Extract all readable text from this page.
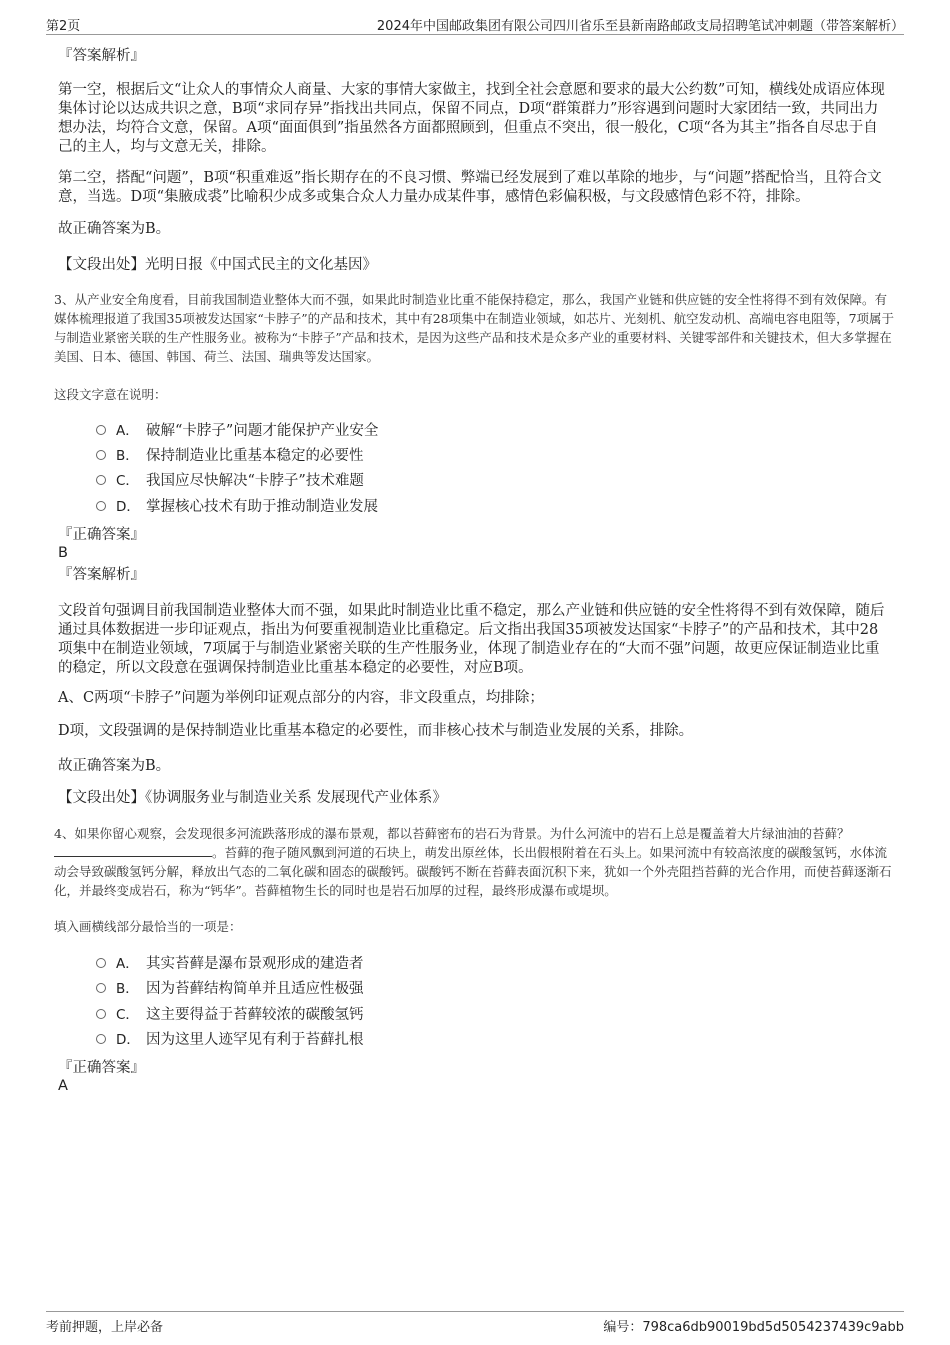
第2页	2024年中国邮政集团有限公司四川省乐至县新南路邮政支局招聘笔试冲刺题（带答案解析）
『答案解析』
第一空，根据后文“让众人的事情众人商量、大家的事情大家做主，找到全社会意愿和要求的最大公约数”可知，横线处成语应体现集体讨论以达成共识之意，B项“求同存异”指找出共同点，保留不同点，D项“群策群力”形容遇到问题时大家团结一致，共同出力想办法，均符合文意，保留。A项“面面俱到”指虽然各方面都照顾到，但重点不突出，很一般化，C项“各为其主”指各自尽忠于自己的主人，均与文意无关，排除。
第二空，搭配“问题”，B项“积重难返”指长期存在的不良习惯、弊端已经发展到了难以革除的地步，与“问题”搭配恰当，且符合文意，当选。D项“集腋成裘”比喻积少成多或集合众人力量办成某件事，感情色彩偏积极，与文段感情色彩不符，排除。
故正确答案为B。
【文段出处】光明日报《中国式民主的文化基因》
3、从产业安全角度看，目前我国制造业整体大而不强，如果此时制造业比重不能保持稳定，那么，我国产业链和供应链的安全性将得不到有效保障。有媒体梳理报道了我国35项被发达国家“卡脖子”的产品和技术，其中有28项集中在制造业领域，如芯片、光刻机、航空发动机、高端电容电阻等，7项属于与制造业紧密关联的生产性服务业。被称为“卡脖子”产品和技术，是因为这些产品和技术是众多产业的重要材料、关键零部件和关键技术，但大多掌握在美国、日本、德国、韩国、荷兰、法国、瑞典等发达国家。
这段文字意在说明：
A． 破解“卡脖子”问题才能保护产业安全
B． 保持制造业比重基本稳定的必要性
C． 我国应尽快解决“卡脖子”技术难题
D． 掌握核心技术有助于推动制造业发展
『正确答案』
B
『答案解析』
文段首句强调目前我国制造业整体大而不强，如果此时制造业比重不稳定，那么产业链和供应链的安全性将得不到有效保障，随后通过具体数据进一步印证观点，指出为何要重视制造业比重稳定。后文指出我国35项被发达国家“卡脖子”的产品和技术，其中28项集中在制造业领域，7项属于与制造业紧密关联的生产性服务业，体现了制造业存在的“大而不强”问题，故更应保证制造业比重的稳定，所以文段意在强调保持制造业比重基本稳定的必要性，对应B项。
A、C两项“卡脖子”问题为举例印证观点部分的内容，非文段重点，均排除；
D项，文段强调的是保持制造业比重基本稳定的必要性，而非核心技术与制造业发展的关系，排除。
故正确答案为B。
【文段出处】《协调服务业与制造业关系 发展现代产业体系》
4、如果你留心观察，会发现很多河流跌落形成的瀑布景观，都以苔藓密布的岩石为背景。为什么河流中的岩石上总是覆盖着大片绿油油的苔藓？。苔藓的孢子随风飘到河道的石块上，萌发出原丝体，长出假根附着在石头上。如果河流中有较高浓度的碳酸氢钙，水体流动会导致碳酸氢钙分解，释放出气态的二氧化碳和固态的碳酸钙。碳酸钙不断在苔藓表面沉积下来，犹如一个外壳阻挡苔藓的光合作用，而使苔藓逐渐石化，并最终变成岩石，称为“钙华”。苔藓植物生长的同时也是岩石加厚的过程，最终形成瀑布或堤坝。
填入画横线部分最恰当的一项是：
A． 其实苔藓是瀑布景观形成的建造者
B． 因为苔藓结构简单并且适应性极强
C． 这主要得益于苔藓较浓的碳酸氢钙
D． 因为这里人迹罕见有利于苔藓扎根
『正确答案』
A
考前押题，上岸必备	编号：798ca6db90019bd5d5054237439c9abb
